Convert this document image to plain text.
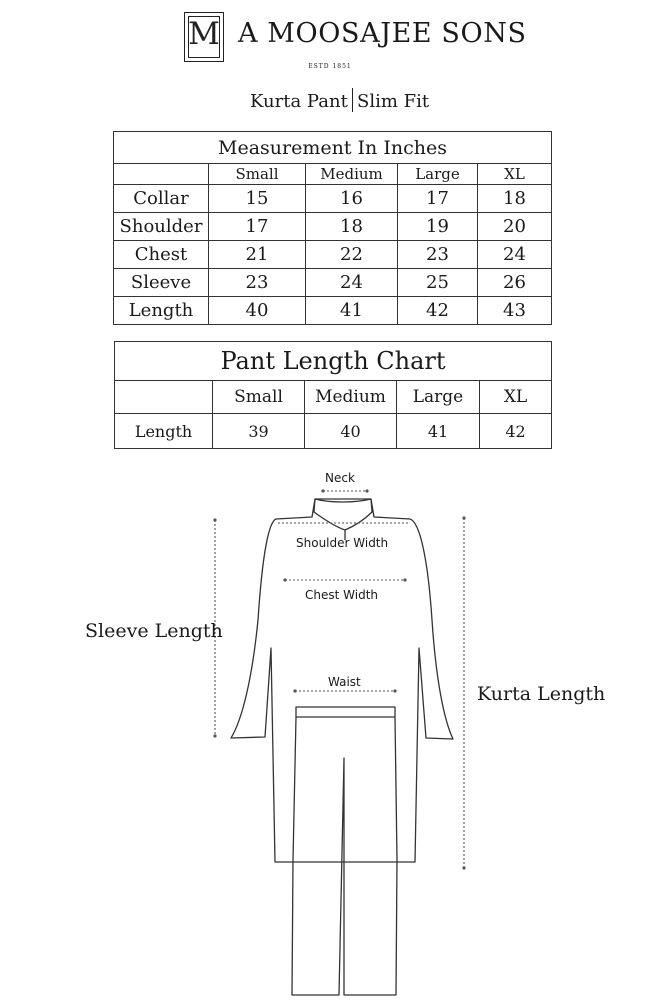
M A MOOSAJEE SONS
ESTD 1851
Kurta Pant Slim Fit
Measurement In Inches				
	Small	Medium	Large	XL
Collar	15	16	17	18
Shoulder	17	18	19	20
Chest	21	22	23	24
Sleeve	23	24	25	26
Length	40	41	42	43
Pant Length Chart				
	Small	Medium	Large	XL
Length	39	40	41	42
Neck
Shoulder Width
Chest Width
Waist
Sleeve Length
Kurta Length
